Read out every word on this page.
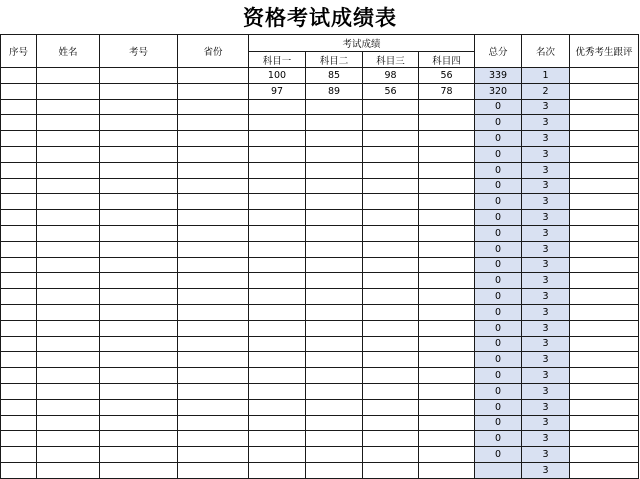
资格考试成绩表
序号	姓名	考号	省份	考试成绩				总分	名次	优秀考生跟评
				科目一	科目二	科目三	科目四			
				100	85	98	56	339	1	
				97	89	56	78	320	2	
								0	3	
								0	3	
								0	3	
								0	3	
								0	3	
								0	3	
								0	3	
								0	3	
								0	3	
								0	3	
								0	3	
								0	3	
								0	3	
								0	3	
								0	3	
								0	3	
								0	3	
								0	3	
								0	3	
								0	3	
								0	3	
								0	3	
								0	3	
									3	
